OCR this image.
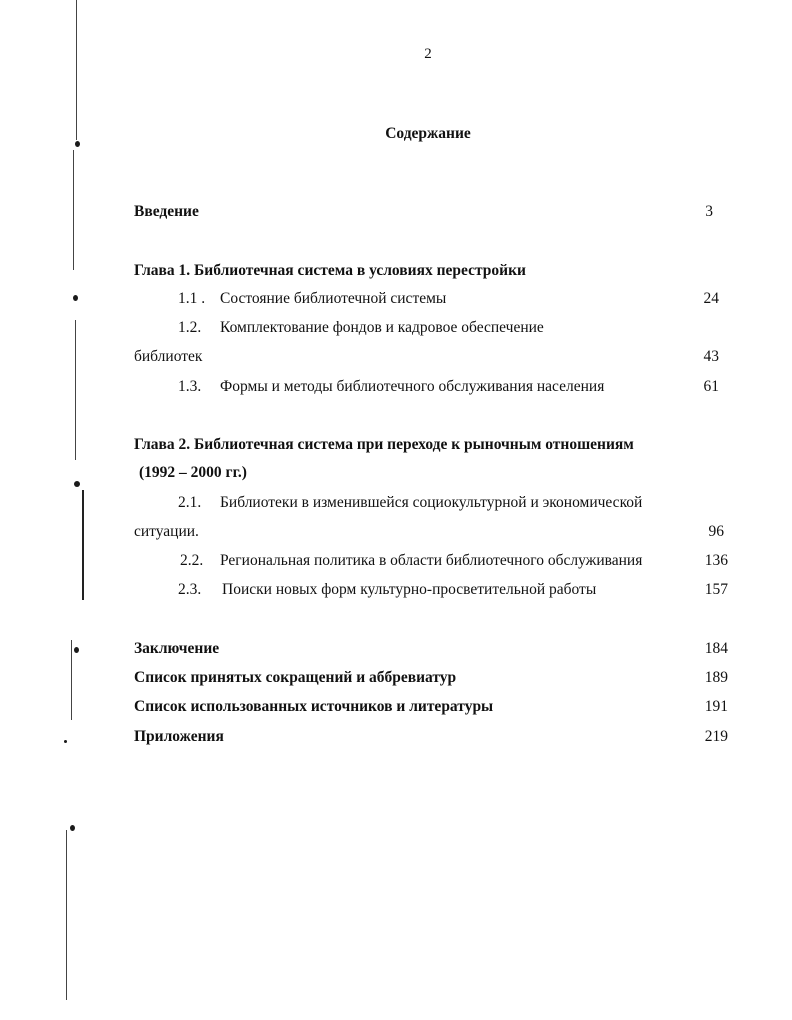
2
Содержание
Введение	3
Глава 1. Библиотечная система в условиях перестройки
1.1 . Состояние библиотечной системы	24
1.2. Комплектование фондов и кадровое обеспечение
библиотек	43
1.3. Формы и методы библиотечного обслуживания населения	61
Глава 2. Библиотечная система при переходе к рыночным отношениям
(1992 – 2000 гг.)
2.1. Библиотеки в изменившейся социокультурной и экономической
ситуации.	96
2.2. Региональная политика в области библиотечного обслуживания	136
2.3. Поиски новых форм культурно-просветительной работы	157
Заключение	184
Список принятых сокращений и аббревиатур	189
Список использованных источников и литературы	191
Приложения	219
